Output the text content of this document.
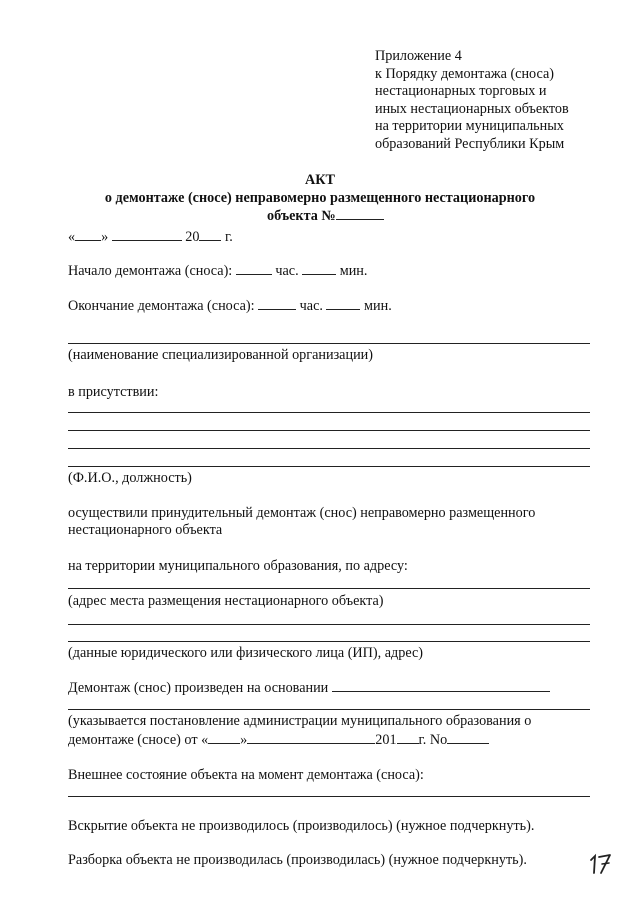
Приложение 4
к Порядку демонтажа (сноса)
нестационарных торговых и
иных нестационарных объектов
на территории муниципальных
образований Республики Крым
АКТ
о демонтаже (сносе) неправомерно размещенного нестационарного
объекта №
« »	20 г.
Начало демонтажа (сноса):	час.	мин.
Окончание демонтажа (сноса):	час.	мин.
(наименование специализированной организации)
в присутствии:
(Ф.И.О., должность)
осуществили принудительный демонтаж (снос) неправомерно размещенного
нестационарного объекта
на территории муниципального образования, по адресу:
(адрес места размещения нестационарного объекта)
(данные юридического или физического лица (ИП), адрес)
Демонтаж (снос) произведен на основании
(указывается постановление администрации муниципального образования о
демонтаже (сносе) от « »	201 г. No
Внешнее состояние объекта на момент демонтажа (сноса):
Вскрытие объекта не производилось (производилось) (нужное подчеркнуть).
Разборка объекта не производилась (производилась) (нужное подчеркнуть).
